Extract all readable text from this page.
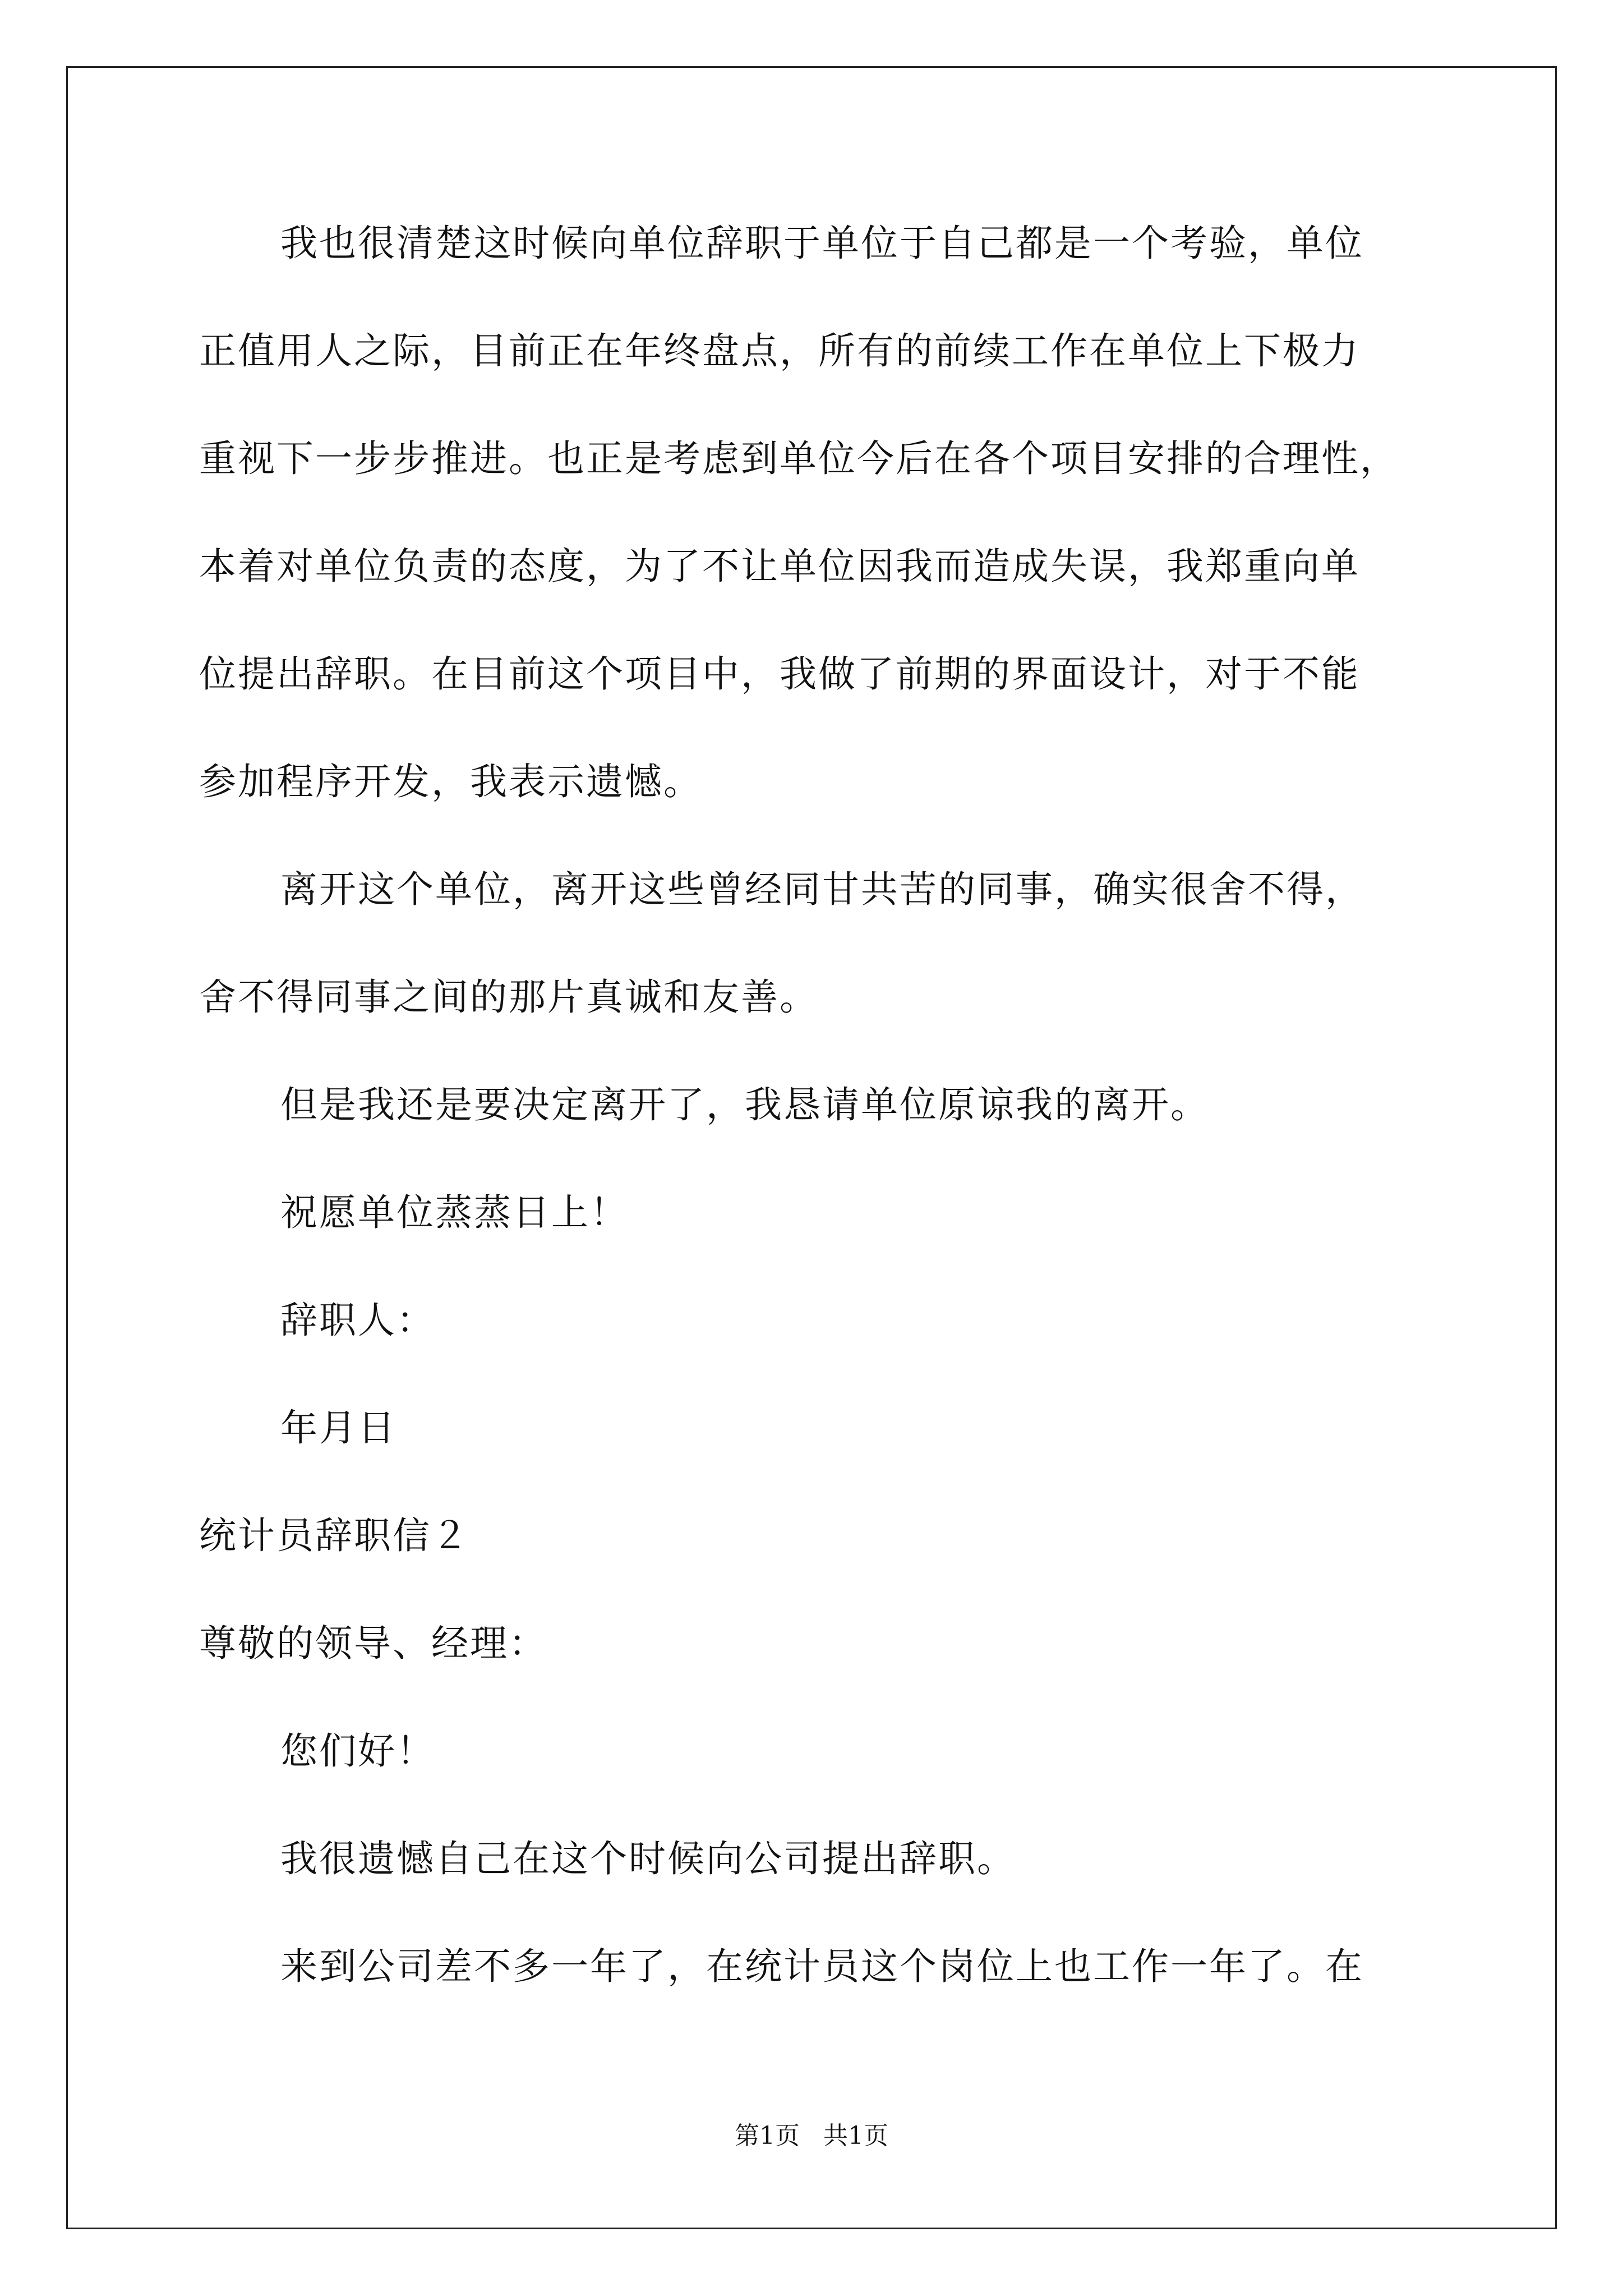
我也很清楚这时候向单位辞职于单位于自己都是一个考验，单位
正值用人之际，目前正在年终盘点，所有的前续工作在单位上下极力
重视下一步步推进。也正是考虑到单位今后在各个项目安排的合理性，
本着对单位负责的态度，为了不让单位因我而造成失误，我郑重向单
位提出辞职。在目前这个项目中，我做了前期的界面设计，对于不能
参加程序开发，我表示遗憾。
离开这个单位，离开这些曾经同甘共苦的同事，确实很舍不得，
舍不得同事之间的那片真诚和友善。
但是我还是要决定离开了，我恳请单位原谅我的离开。
祝愿单位蒸蒸日上！
辞职人：
年月日
统计员辞职信２
尊敬的领导、经理：
您们好！
我很遗憾自己在这个时候向公司提出辞职。
来到公司差不多一年了，在统计员这个岗位上也工作一年了。在
第1页 共1页
